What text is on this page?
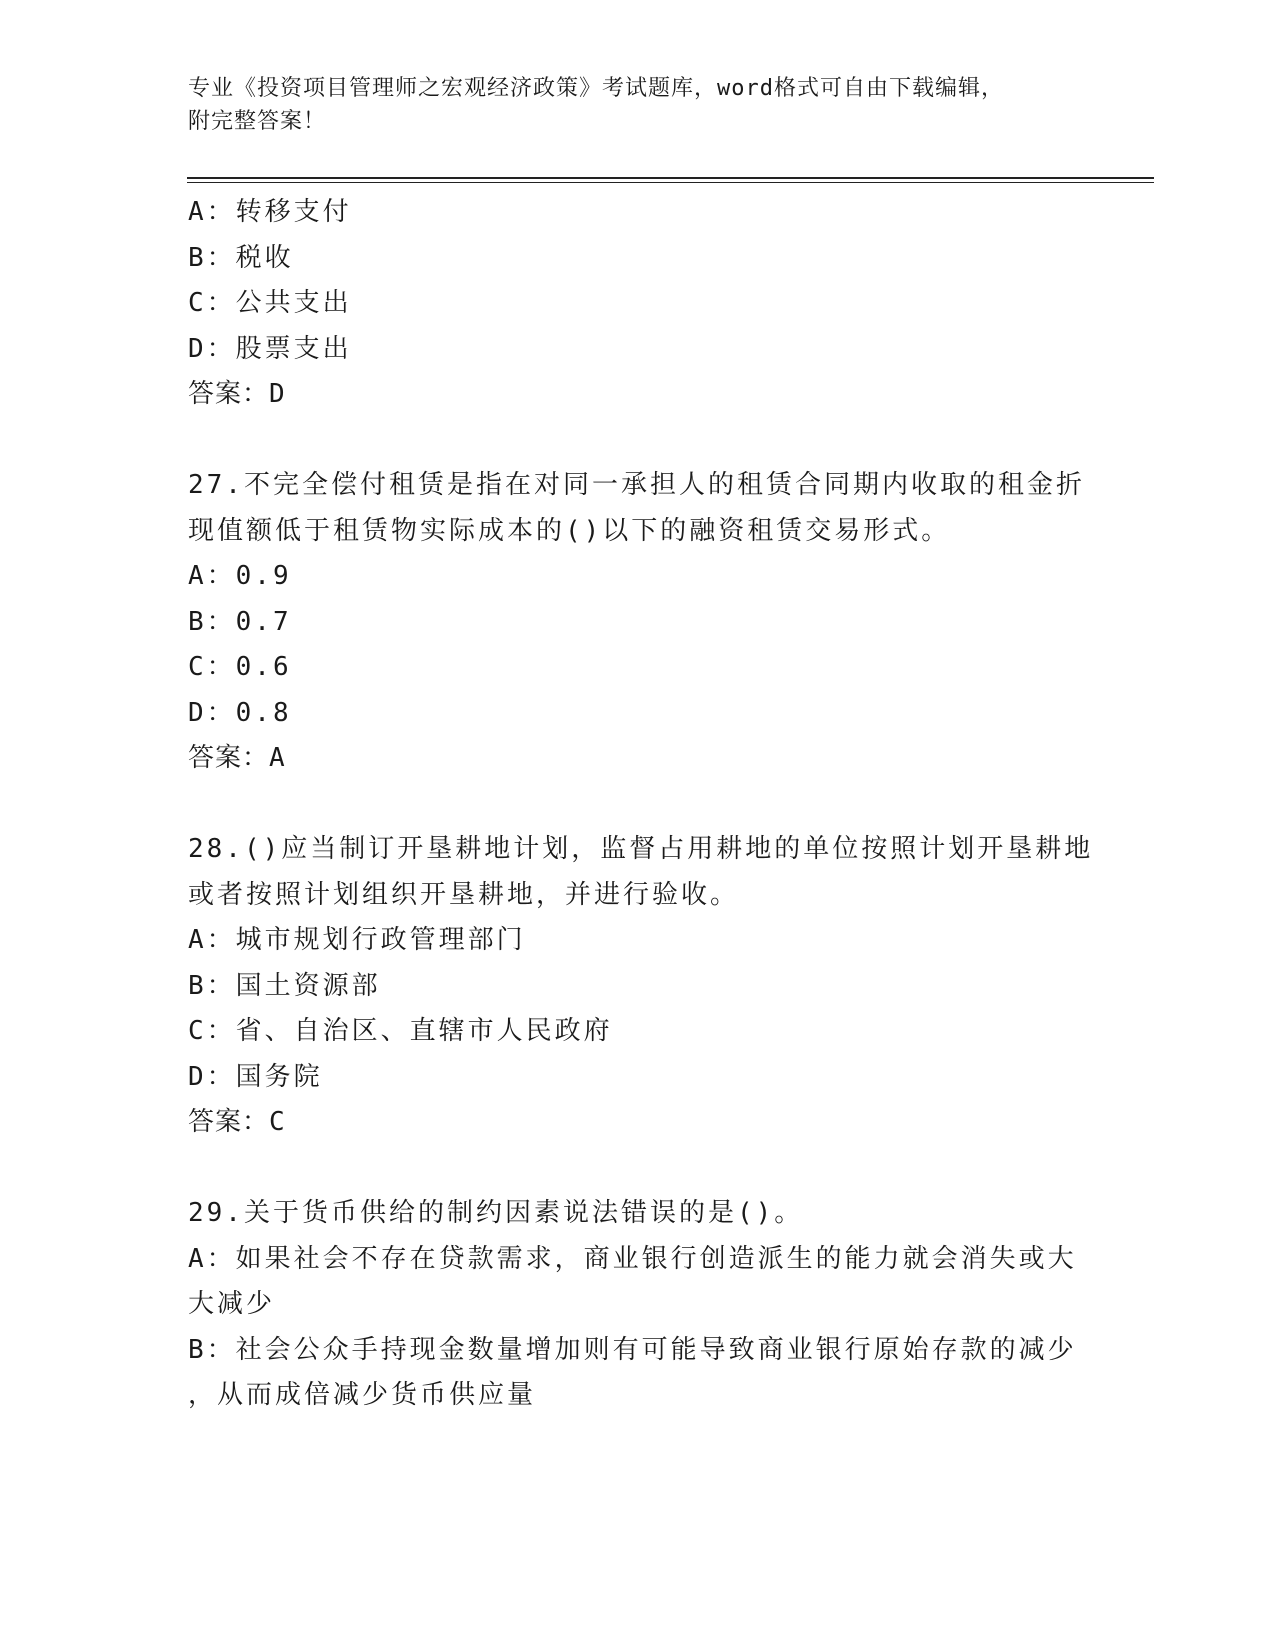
专业《投资项目管理师之宏观经济政策》考试题库，word格式可自由下载编辑，
附完整答案！
A：转移支付
B：税收
C：公共支出
D：股票支出
答案：D
27.不完全偿付租赁是指在对同一承担人的租赁合同期内收取的租金折
现值额低于租赁物实际成本的()以下的融资租赁交易形式。
A：0.9
B：0.7
C：0.6
D：0.8
答案：A
28.()应当制订开垦耕地计划，监督占用耕地的单位按照计划开垦耕地
或者按照计划组织开垦耕地，并进行验收。
A：城市规划行政管理部门
B：国土资源部
C：省、自治区、直辖市人民政府
D：国务院
答案：C
29.关于货币供给的制约因素说法错误的是()。
A：如果社会不存在贷款需求，商业银行创造派生的能力就会消失或大
大减少
B：社会公众手持现金数量增加则有可能导致商业银行原始存款的减少
，从而成倍减少货币供应量
